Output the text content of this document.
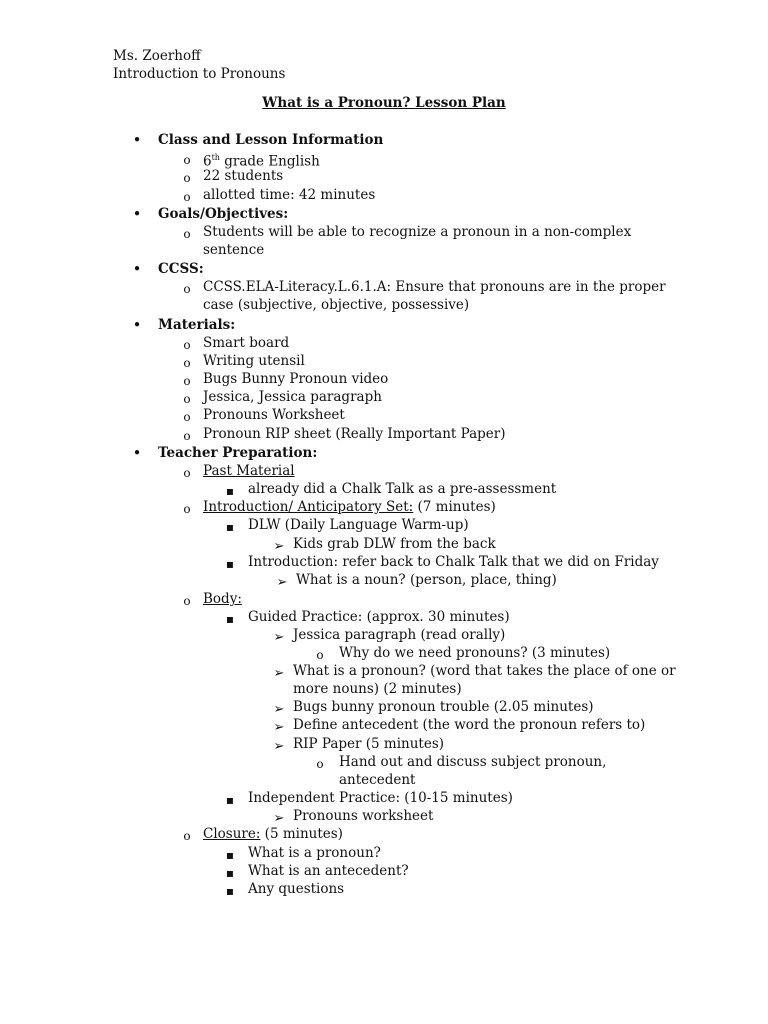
Ms. Zoerhoff
Introduction to Pronouns
What is a Pronoun? Lesson Plan
•
Class and Lesson Information
o
6th grade English
o
22 students
o
allotted time: 42 minutes
•
Goals/Objectives:
o
Students will be able to recognize a pronoun in a non-complex
sentence
•
CCSS:
o
CCSS.ELA-Literacy.L.6.1.A: Ensure that pronouns are in the proper
case (subjective, objective, possessive)
•
Materials:
o
Smart board
o
Writing utensil
o
Bugs Bunny Pronoun video
o
Jessica, Jessica paragraph
o
Pronouns Worksheet
o
Pronoun RIP sheet (Really Important Paper)
•
Teacher Preparation:
o
Past Material
▪
already did a Chalk Talk as a pre-assessment
o
Introduction/ Anticipatory Set: (7 minutes)
▪
DLW (Daily Language Warm-up)
➢
Kids grab DLW from the back
▪
Introduction: refer back to Chalk Talk that we did on Friday
➢
What is a noun? (person, place, thing)
o
Body:
▪
Guided Practice: (approx. 30 minutes)
➢
Jessica paragraph (read orally)
o
Why do we need pronouns? (3 minutes)
➢
What is a pronoun? (word that takes the place of one or
more nouns) (2 minutes)
➢
Bugs bunny pronoun trouble (2.05 minutes)
➢
Define antecedent (the word the pronoun refers to)
➢
RIP Paper (5 minutes)
o
Hand out and discuss subject pronoun,
antecedent
▪
Independent Practice: (10-15 minutes)
➢
Pronouns worksheet
o
Closure: (5 minutes)
▪
What is a pronoun?
▪
What is an antecedent?
▪
Any questions
